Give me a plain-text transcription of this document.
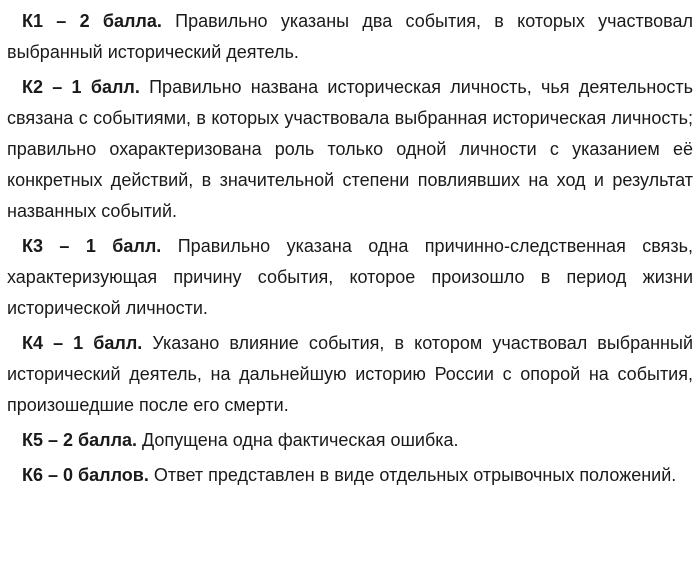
К1 – 2 балла. Правильно указаны два события, в которых участвовал выбранный исторический деятель.

К2 – 1 балл. Правильно названа историческая личность, чья деятельность связана с событиями, в которых участвовала выбранная историческая личность; правильно охарактеризована роль только одной личности с указанием её конкретных действий, в значительной степени повлиявших на ход и результат названных событий.

К3 – 1 балл. Правильно указана одна причинно-следственная связь, характеризующая причину события, которое произошло в период жизни исторической личности.

К4 – 1 балл. Указано влияние события, в котором участвовал выбранный исторический деятель, на дальнейшую историю России с опорой на события, произошедшие после его смерти.

К5 – 2 балла. Допущена одна фактическая ошибка.

К6 – 0 баллов. Ответ представлен в виде отдельных отрывочных положений.
